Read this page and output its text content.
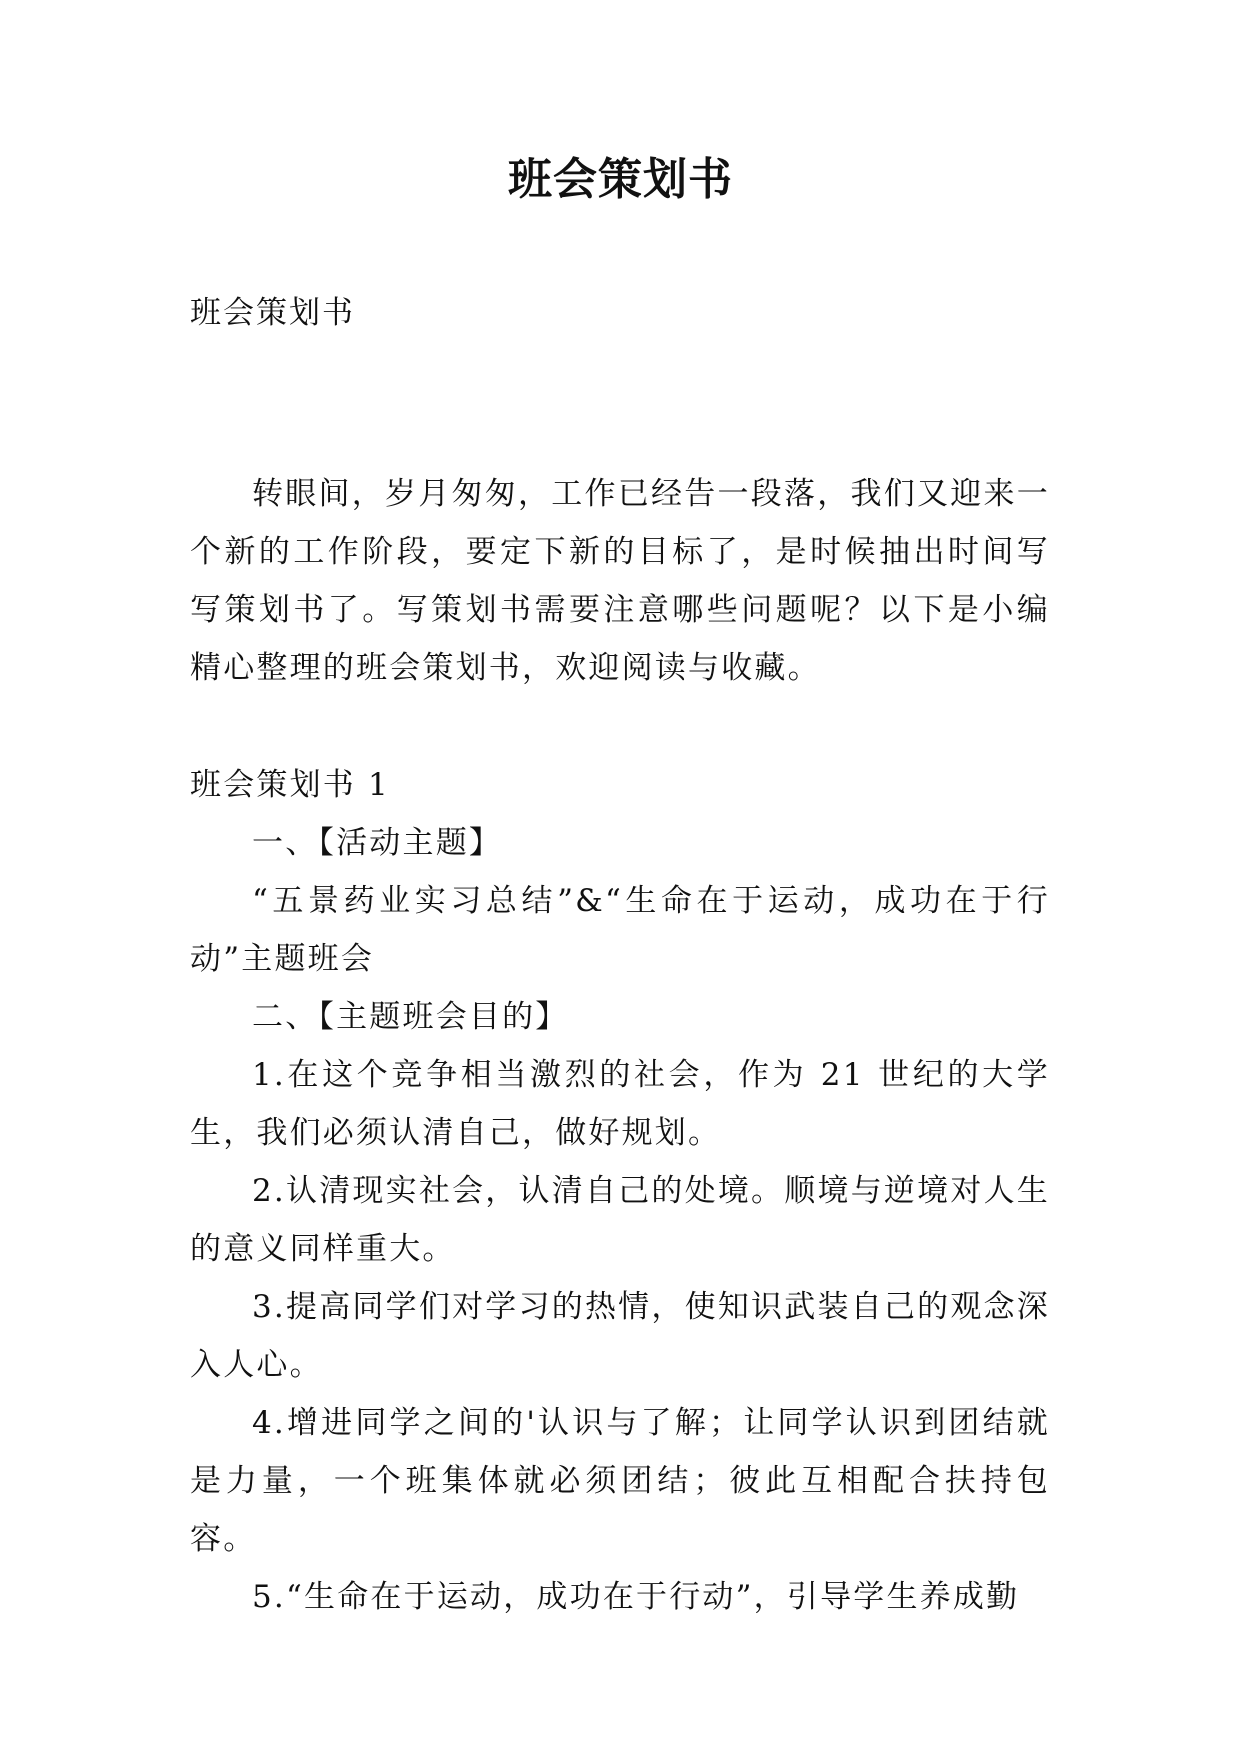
班会策划书
班会策划书

转眼间，岁月匆匆，工作已经告一段落，我们又迎来一个新的工作阶段，要定下新的目标了，是时候抽出时间写写策划书了。写策划书需要注意哪些问题呢？以下是小编精心整理的班会策划书，欢迎阅读与收藏。

班会策划书 1

一、【活动主题】

“五景药业实习总结”&“生命在于运动，成功在于行动”主题班会

二、【主题班会目的】

1.在这个竞争相当激烈的社会，作为 21 世纪的大学生，我们必须认清自己，做好规划。

2.认清现实社会，认清自己的处境。顺境与逆境对人生的意义同样重大。

3.提高同学们对学习的热情，使知识武装自己的观念深入人心。

4.增进同学之间的'认识与了解；让同学认识到团结就是力量，一个班集体就必须团结；彼此互相配合扶持包容。

5.“生命在于运动，成功在于行动”，引导学生养成勤
